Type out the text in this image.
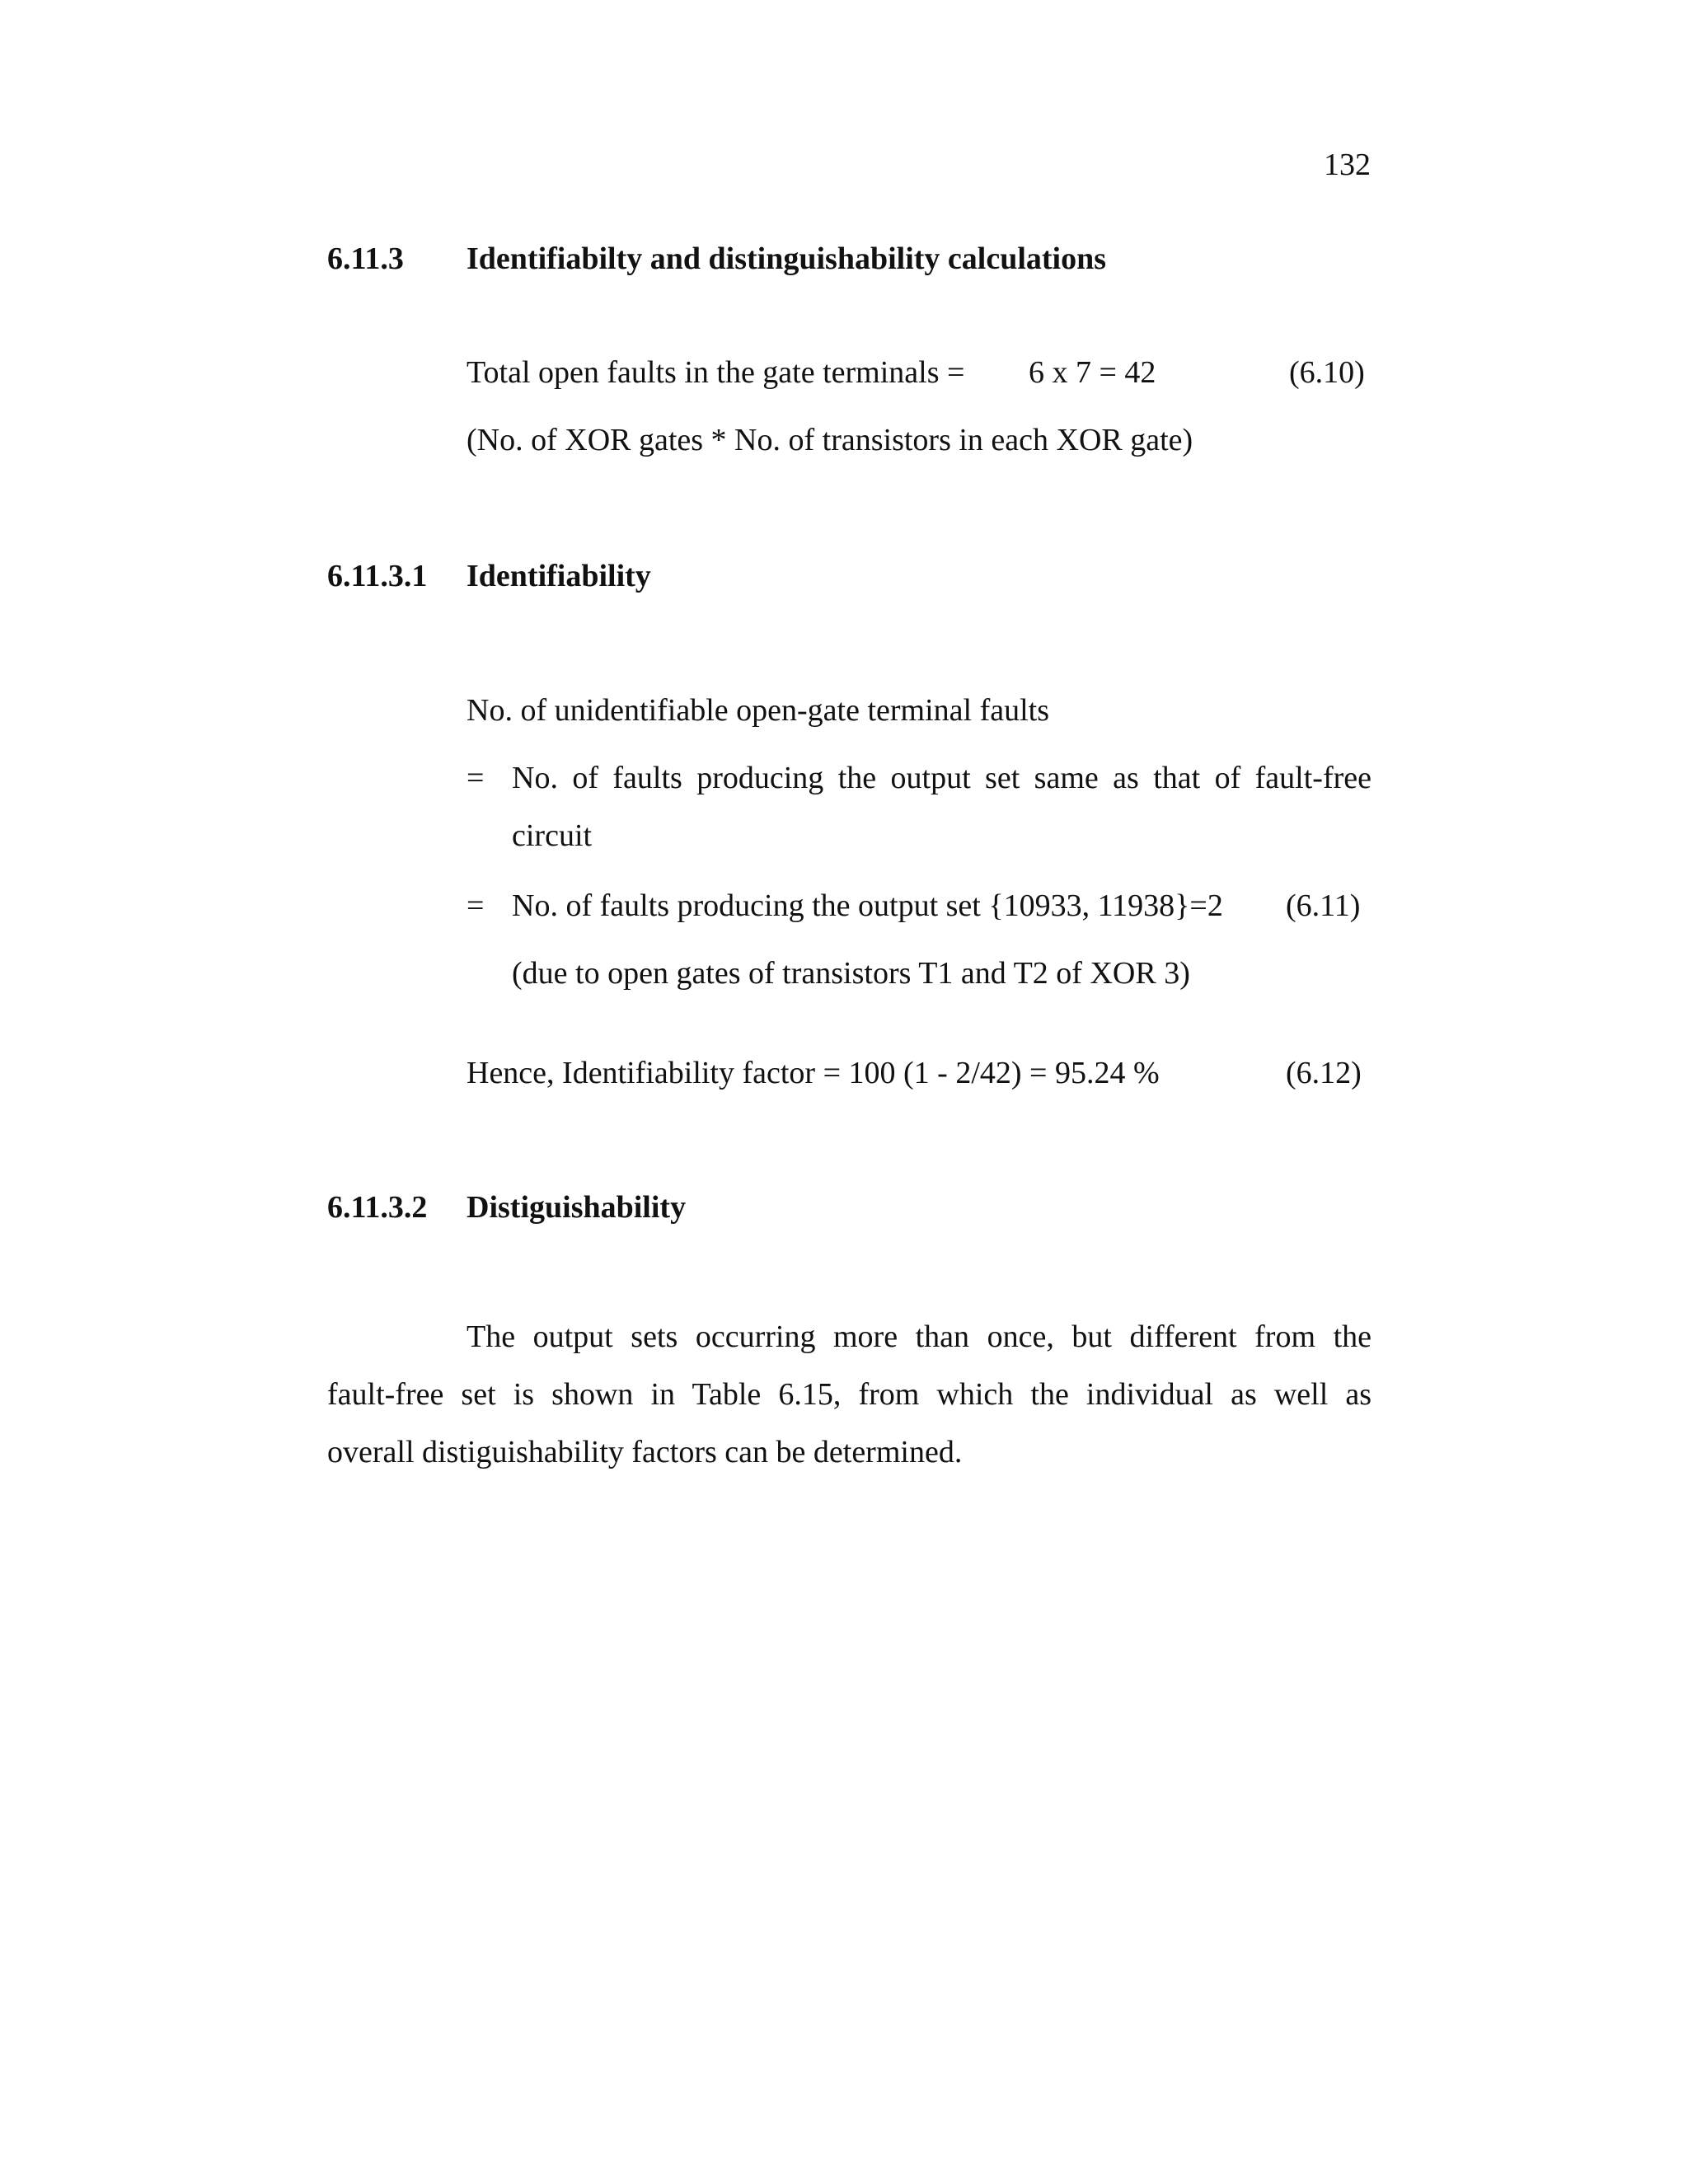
132
6.11.3 Identifiabilty and distinguishability calculations
Total open faults in the gate terminals = 6 x 7 = 42	(6.10)
(No. of XOR gates * No. of transistors in each XOR gate)
6.11.3.1 Identifiability
No. of unidentifiable open-gate terminal faults
= No. of faults producing the output set same as that of fault-free
circuit
= No. of faults producing the output set {10933, 11938}=2 (6.11)
(due to open gates of transistors T1 and T2 of XOR 3)
Hence, Identifiability factor = 100 (1 - 2/42) = 95.24 %	(6.12)
6.11.3.2 Distiguishability
The output sets occurring more than once, but different from the
fault-free set is shown in Table 6.15, from which the individual as well as
overall distiguishability factors can be determined.
